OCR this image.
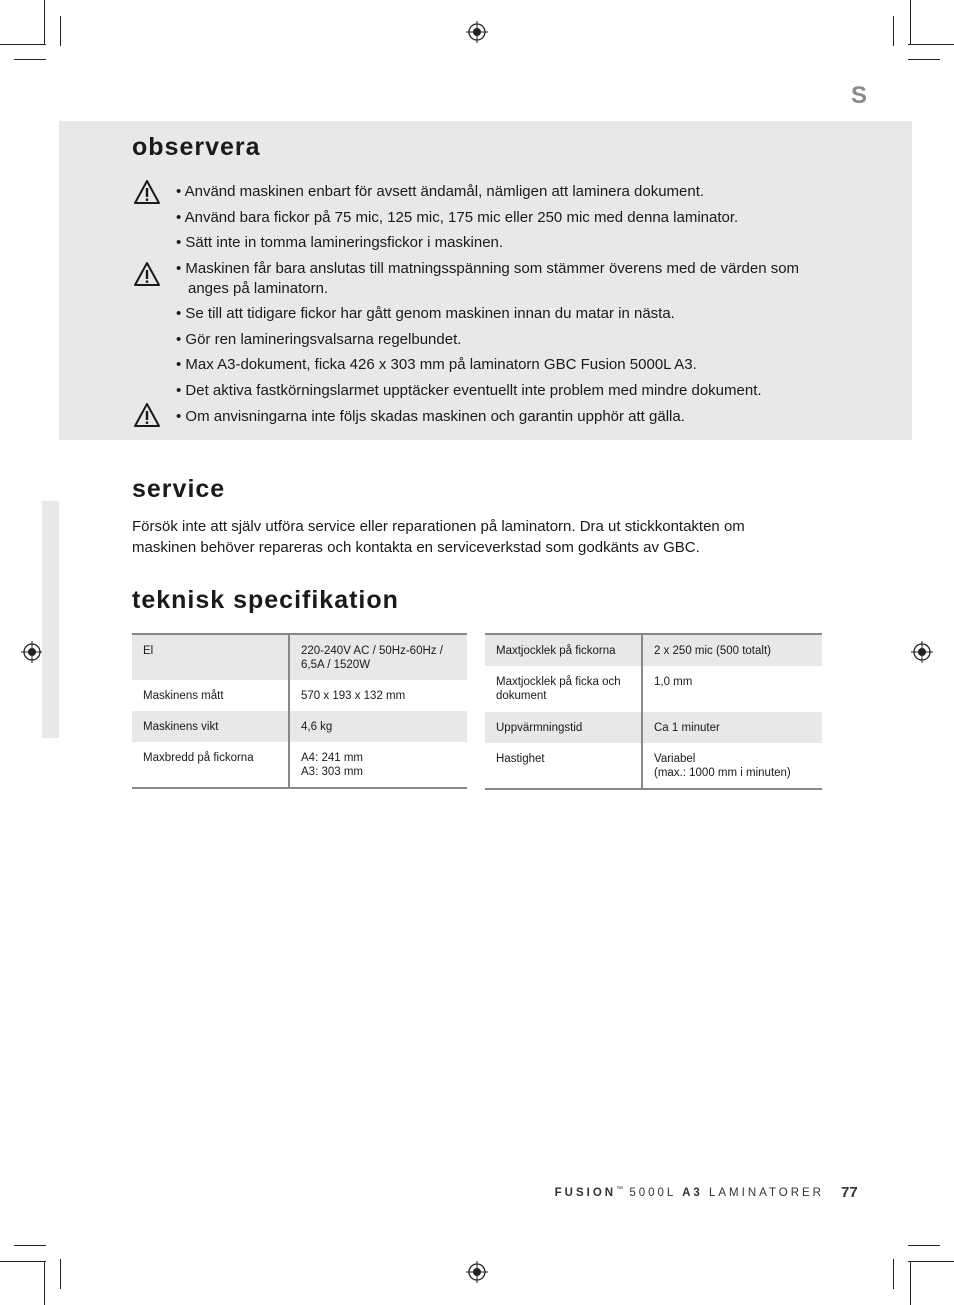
S
observera
• Använd maskinen enbart för avsett ändamål, nämligen att laminera dokument.
• Använd bara fickor på 75 mic, 125 mic, 175 mic eller 250 mic med denna laminator.
• Sätt inte in tomma lamineringsfickor i maskinen.
• Maskinen får bara anslutas till matningsspänning som stämmer överens med de värden som anges på laminatorn.
• Se till att tidigare fickor har gått genom maskinen innan du matar in nästa.
• Gör ren lamineringsvalsarna regelbundet.
• Max A3-dokument, ficka 426 x 303 mm på laminatorn GBC Fusion 5000L A3.
• Det aktiva fastkörningslarmet upptäcker eventuellt inte problem med mindre dokument.
• Om anvisningarna inte följs skadas maskinen och garantin upphör att gälla.
service
Försök inte att själv utföra service eller reparationen på laminatorn. Dra ut stickkontakten om maskinen behöver repareras och kontakta en serviceverkstad som godkänts av GBC.
teknisk specifikation
El	220-240V AC / 50Hz-60Hz /
6,5A / 1520W

Maskinens mått	570 x 193 x 132 mm
Maskinens vikt	4,6 kg
Maxbredd på fickorna	A4: 241 mm
A3: 303 mm
Maxtjocklek på fickorna	2 x 250 mic (500 totalt)

Maxtjocklek på ficka och
dokument	1,0 mm
Uppvärmningstid	Ca 1 minuter
Hastighet	Variabel
(max.: 1000 mm i minuten)
FUSION™ 5000L A3 LAMINATORER 77
